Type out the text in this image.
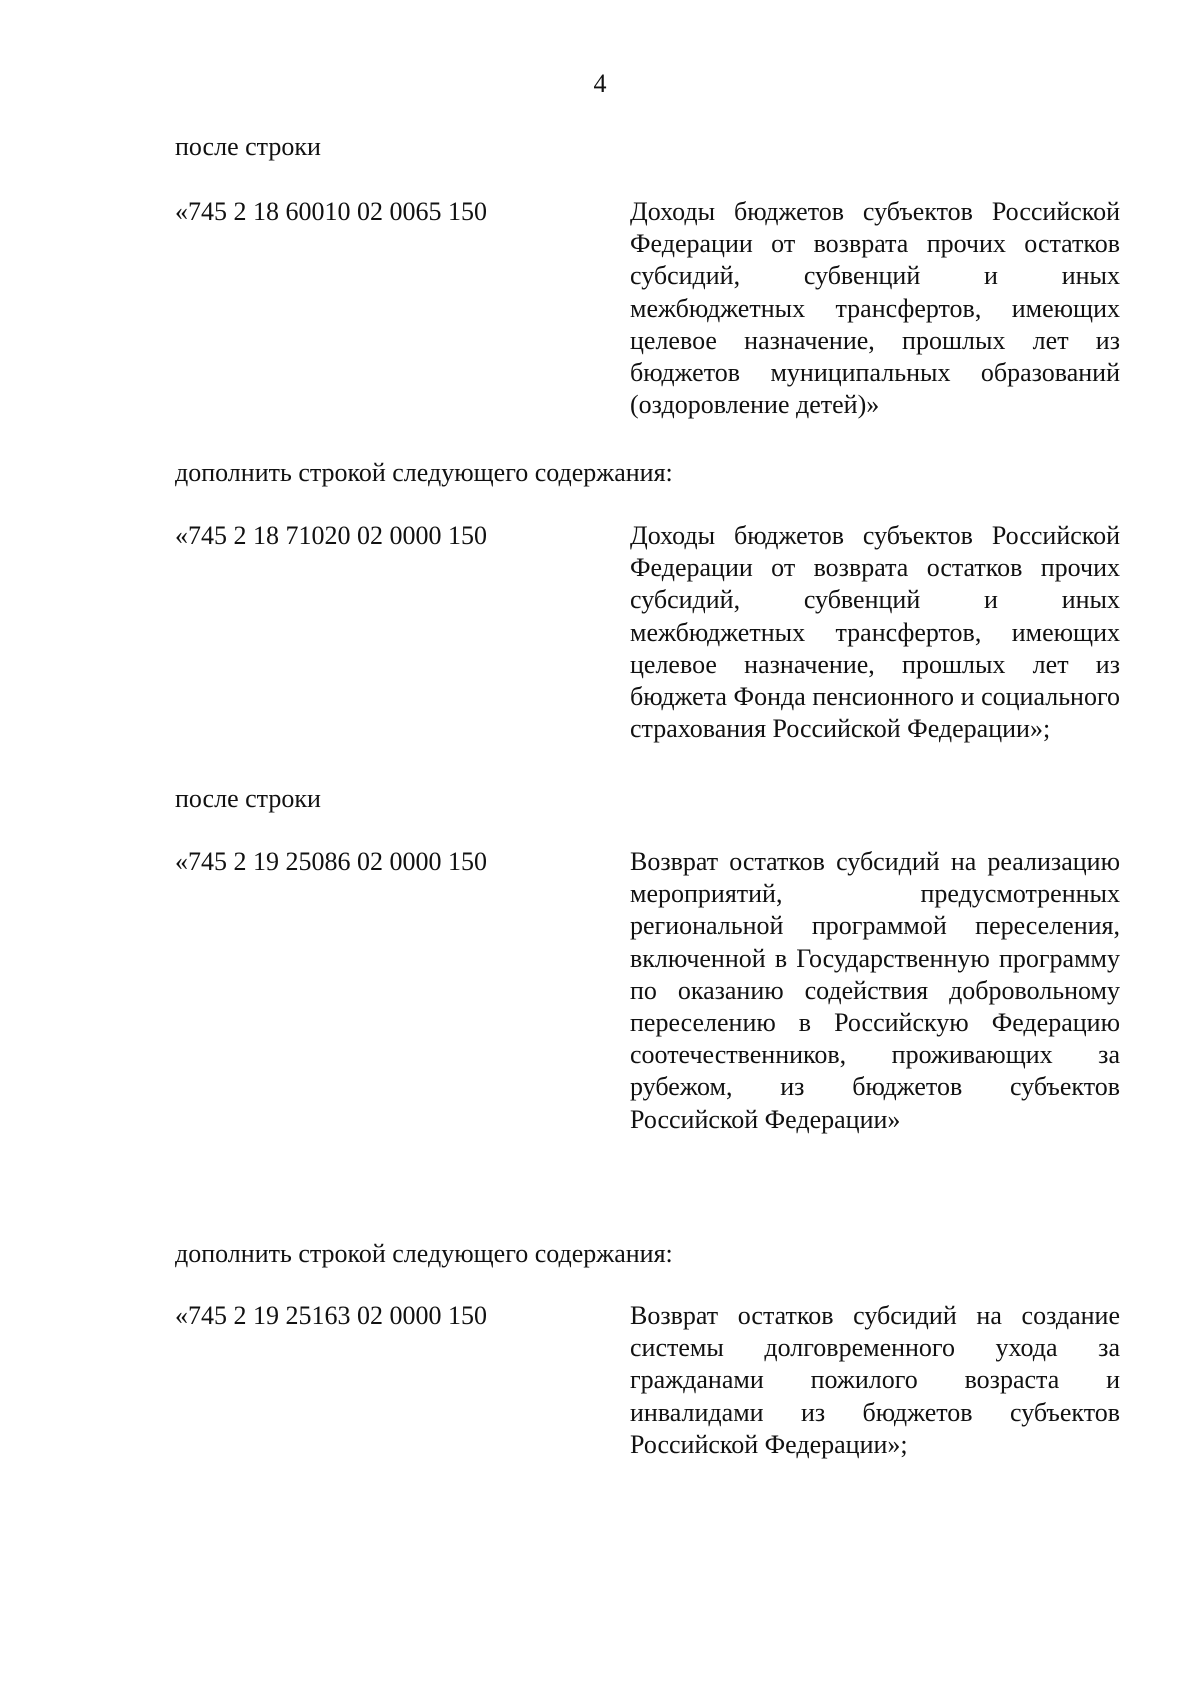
4
после строки
«745 2 18 60010 02 0065 150	Доходы бюджетов субъектов Российской Федерации от возврата прочих остатков субсидий, субвенций и иных межбюджетных трансфертов, имеющих целевое назначение, прошлых лет из бюджетов муниципальных образований (оздоровление детей)»
дополнить строкой следующего содержания:
«745 2 18 71020 02 0000 150	Доходы бюджетов субъектов Российской Федерации от возврата остатков прочих субсидий, субвенций и иных межбюджетных трансфертов, имеющих целевое назначение, прошлых лет из бюджета Фонда пенсионного и социального страхования Российской Федерации»;
после строки
«745 2 19 25086 02 0000 150	Возврат остатков субсидий на реализацию мероприятий, предусмотренных региональной программой переселения, включенной в Государственную программу по оказанию содействия добровольному переселению в Российскую Федерацию соотечественников, проживающих за рубежом, из бюджетов субъектов Российской Федерации»
дополнить строкой следующего содержания:
«745 2 19 25163 02 0000 150	Возврат остатков субсидий на создание системы долговременного ухода за гражданами пожилого возраста и инвалидами из бюджетов субъектов Российской Федерации»;
